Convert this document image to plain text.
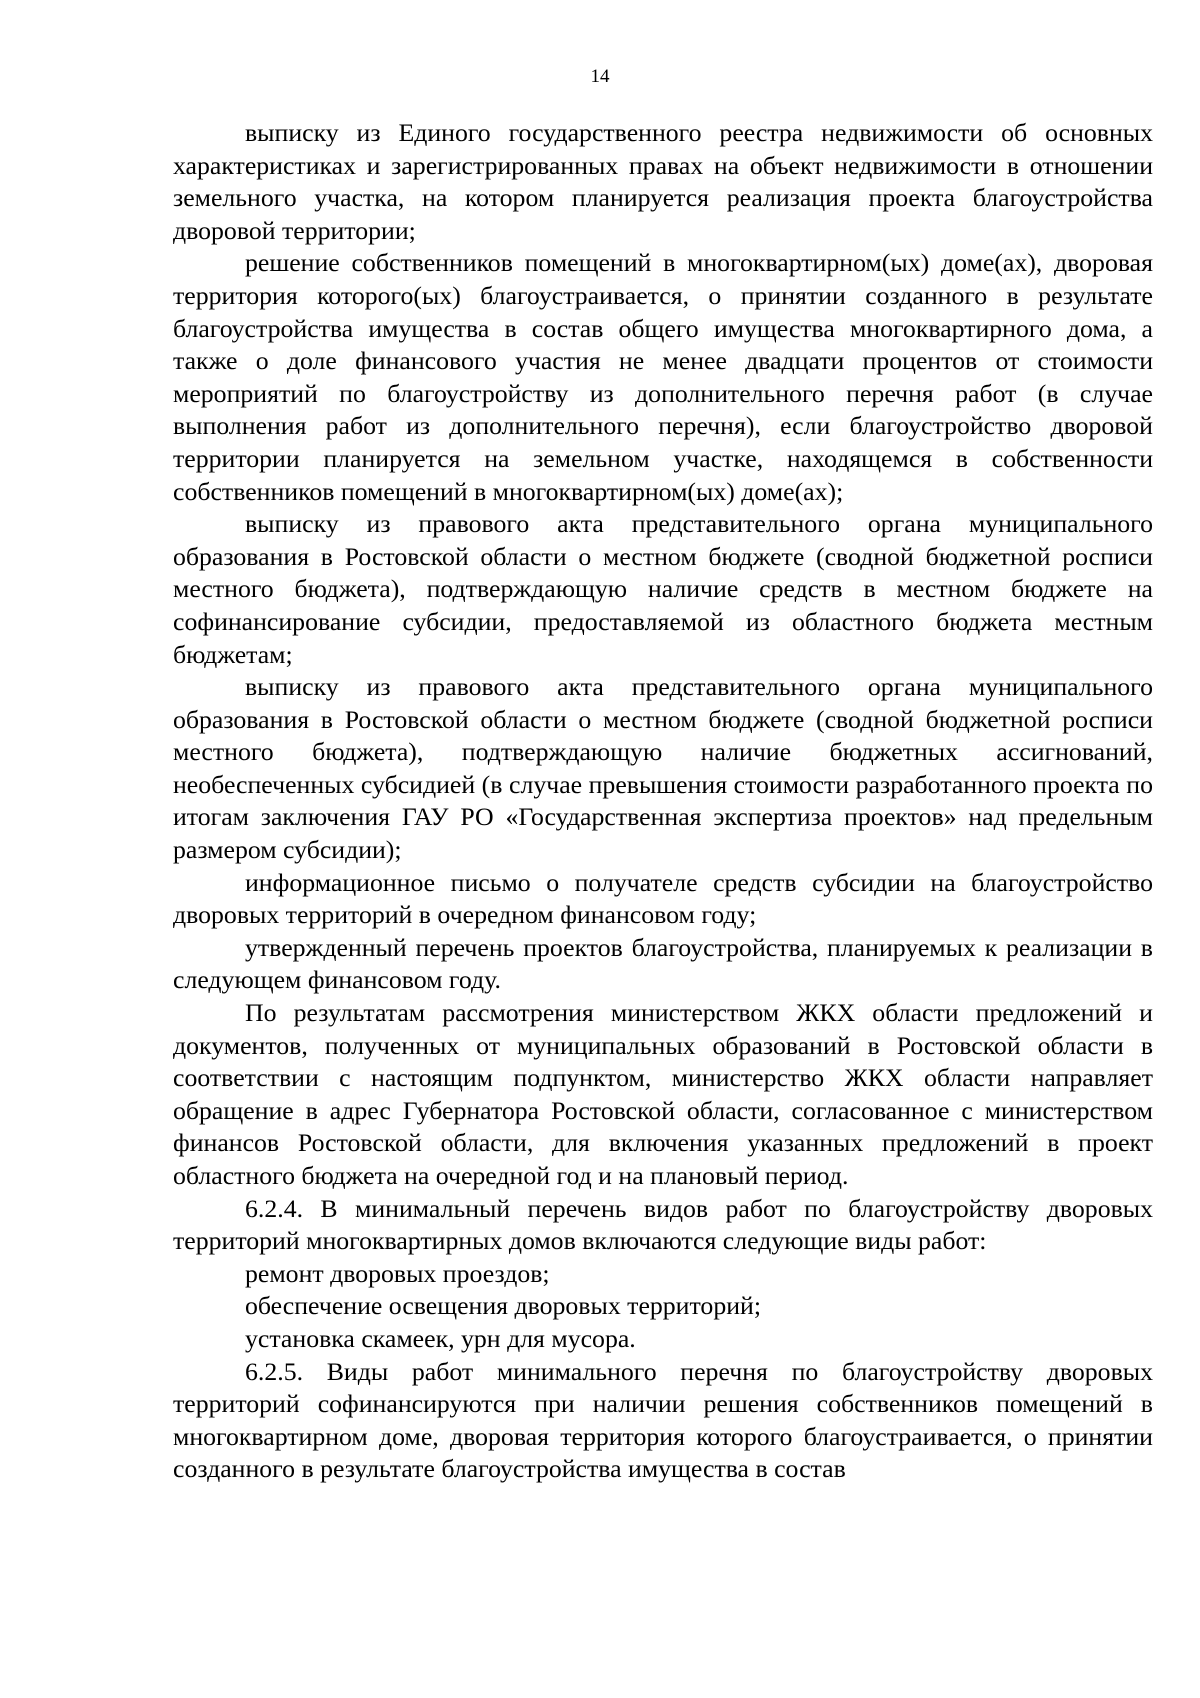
14

выписку из Единого государственного реестра недвижимости об основных характеристиках и зарегистрированных правах на объект недвижимости в отношении земельного участка, на котором планируется реализация проекта благоустройства дворовой территории;

решение собственников помещений в многоквартирном(ых) доме(ах), дворовая территория которого(ых) благоустраивается, о принятии созданного в результате благоустройства имущества в состав общего имущества многоквартирного дома, а также о доле финансового участия не менее двадцати процентов от стоимости мероприятий по благоустройству из дополнительного перечня работ (в случае выполнения работ из дополнительного перечня), если благоустройство дворовой территории планируется на земельном участке, находящемся в собственности собственников помещений в многоквартирном(ых) доме(ах);

выписку из правового акта представительного органа муниципального образования в Ростовской области о местном бюджете (сводной бюджетной росписи местного бюджета), подтверждающую наличие средств в местном бюджете на софинансирование субсидии, предоставляемой из областного бюджета местным бюджетам;

выписку из правового акта представительного органа муниципального образования в Ростовской области о местном бюджете (сводной бюджетной росписи местного бюджета), подтверждающую наличие бюджетных ассигнований, необеспеченных субсидией (в случае превышения стоимости разработанного проекта по итогам заключения ГАУ РО «Государственная экспертиза проектов» над предельным размером субсидии);

информационное письмо о получателе средств субсидии на благоустройство дворовых территорий в очередном финансовом году;

утвержденный перечень проектов благоустройства, планируемых к реализации в следующем финансовом году.

По результатам рассмотрения министерством ЖКХ области предложений и документов, полученных от муниципальных образований в Ростовской области в соответствии с настоящим подпунктом, министерство ЖКХ области направляет обращение в адрес Губернатора Ростовской области, согласованное с министерством финансов Ростовской области, для включения указанных предложений в проект областного бюджета на очередной год и на плановый период.

6.2.4. В минимальный перечень видов работ по благоустройству дворовых территорий многоквартирных домов включаются следующие виды работ:

ремонт дворовых проездов;

обеспечение освещения дворовых территорий;

установка скамеек, урн для мусора.

6.2.5. Виды работ минимального перечня по благоустройству дворовых территорий софинансируются при наличии решения собственников помещений в многоквартирном доме, дворовая территория которого благоустраивается, о принятии созданного в результате благоустройства имущества в состав
